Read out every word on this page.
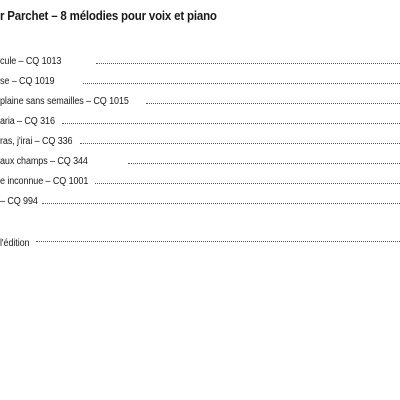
r Parchet – 8 mélodies pour voix et piano
cule – CQ 1013
se – CQ 1019
plaine sans semailles – CQ 1015
aria – CQ 316
ras, j'irai – CQ 336
aux champs – CQ 344
e inconnue – CQ 1001
– CQ 994
l'édition
